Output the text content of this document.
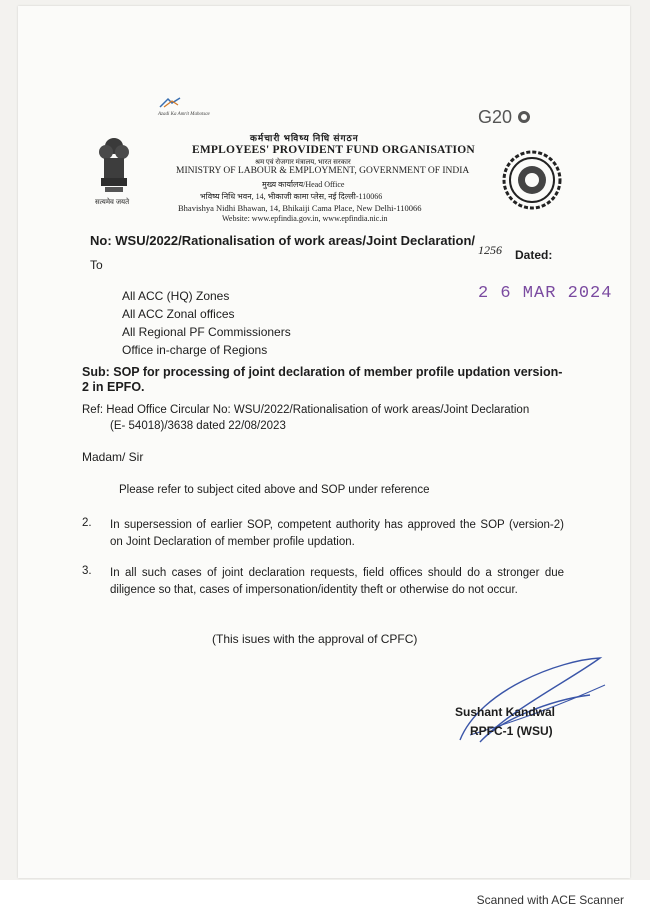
Azadi Ka Amrit Mahotsav	G20
सत्यमेव जयते
कर्मचारी भविष्य निधि संगठन
EMPLOYEES' PROVIDENT FUND ORGANISATION
श्रम एवं रोजगार मंत्रालय, भारत सरकार
MINISTRY OF LABOUR & EMPLOYMENT, GOVERNMENT OF INDIA
मुख्य कार्यालय/Head Office
भविष्य निधि भवन, 14, भीकाजी कामा प्लेस, नई दिल्ली-110066
Bhavishya Nidhi Bhawan, 14, Bhikaiji Cama Place, New Delhi-110066
Website: www.epfindia.gov.in, www.epfindia.nic.in
No: WSU/2022/Rationalisation of work areas/Joint Declaration/
1256 Dated:
To
2 6 MAR 2024
All ACC (HQ) Zones
All ACC Zonal offices
All Regional PF Commissioners
Office in-charge of Regions
Sub: SOP for processing of joint declaration of member profile updation version-2 in EPFO.
Ref: Head Office Circular No: WSU/2022/Rationalisation of work areas/Joint Declaration
(E- 54018)/3638 dated 22/08/2023
Madam/ Sir
Please refer to subject cited above and SOP under reference
2. In supersession of earlier SOP, competent authority has approved the SOP (version-2) on Joint Declaration of member profile updation.
3. In all such cases of joint declaration requests, field offices should do a stronger due diligence so that, cases of impersonation/identity theft or otherwise do not occur.
(This isues with the approval of CPFC)
Sushant Kandwal
RPFC-1 (WSU)
Scanned with ACE Scanner
